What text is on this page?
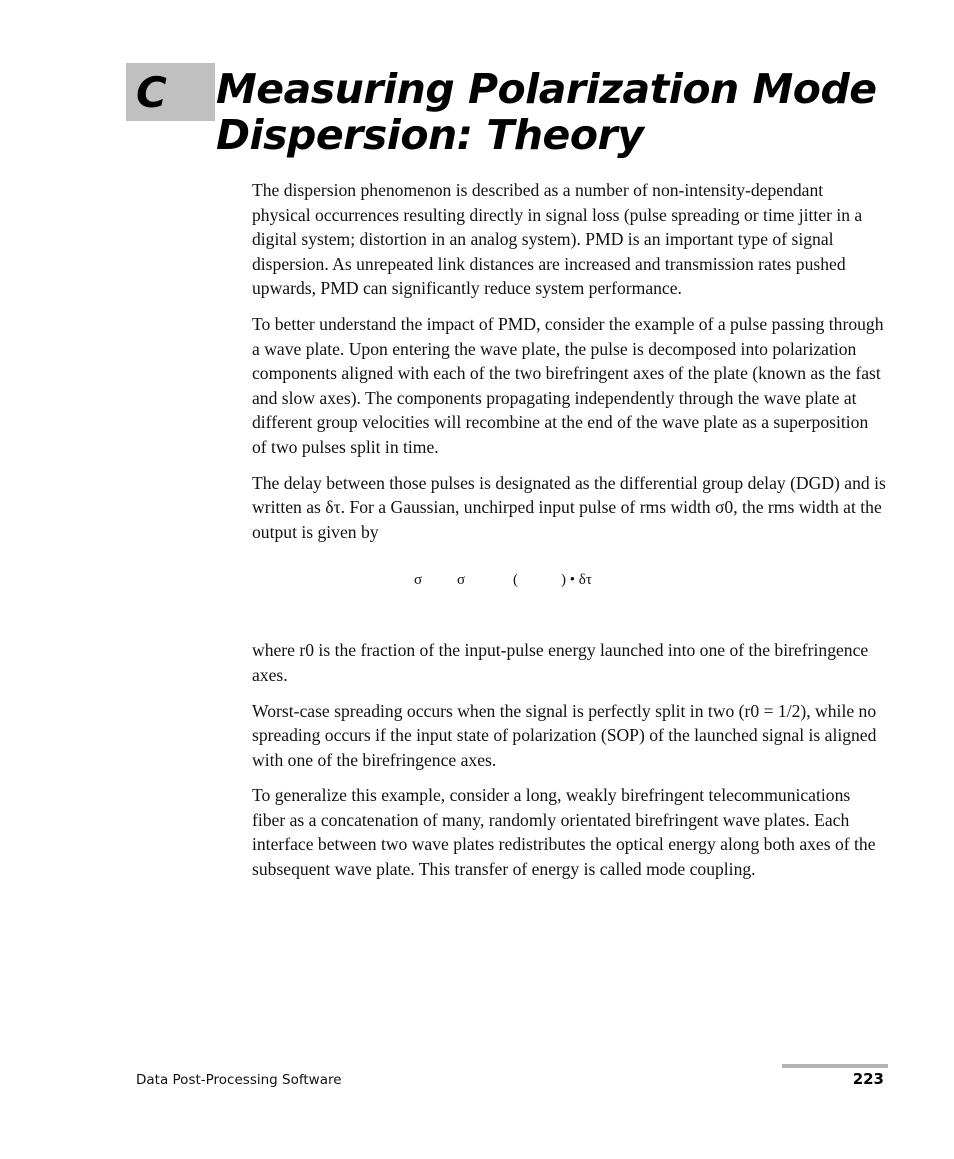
C Measuring Polarization Mode Dispersion: Theory

The dispersion phenomenon is described as a number of non-intensity-dependant physical occurrences resulting directly in signal loss (pulse spreading or time jitter in a digital system; distortion in an analog system). PMD is an important type of signal dispersion. As unrepeated link distances are increased and transmission rates pushed upwards, PMD can significantly reduce system performance.

To better understand the impact of PMD, consider the example of a pulse passing through a wave plate. Upon entering the wave plate, the pulse is decomposed into polarization components aligned with each of the two birefringent axes of the plate (known as the fast and slow axes). The components propagating independently through the wave plate at different group velocities will recombine at the end of the wave plate as a superposition of two pulses split in time.

The delay between those pulses is designated as the differential group delay (DGD) and is written as δτ. For a Gaussian, unchirped input pulse of rms width σ0, the rms width at the output is given by

σ σ	(	) • δτ

where r0 is the fraction of the input-pulse energy launched into one of the birefringence axes.

Worst-case spreading occurs when the signal is perfectly split in two (r0 = 1/2), while no spreading occurs if the input state of polarization (SOP) of the launched signal is aligned with one of the birefringence axes.

To generalize this example, consider a long, weakly birefringent telecommunications fiber as a concatenation of many, randomly orientated birefringent wave plates. Each interface between two wave plates redistributes the optical energy along both axes of the subsequent wave plate. This transfer of energy is called mode coupling.

Data Post-Processing Software	223
